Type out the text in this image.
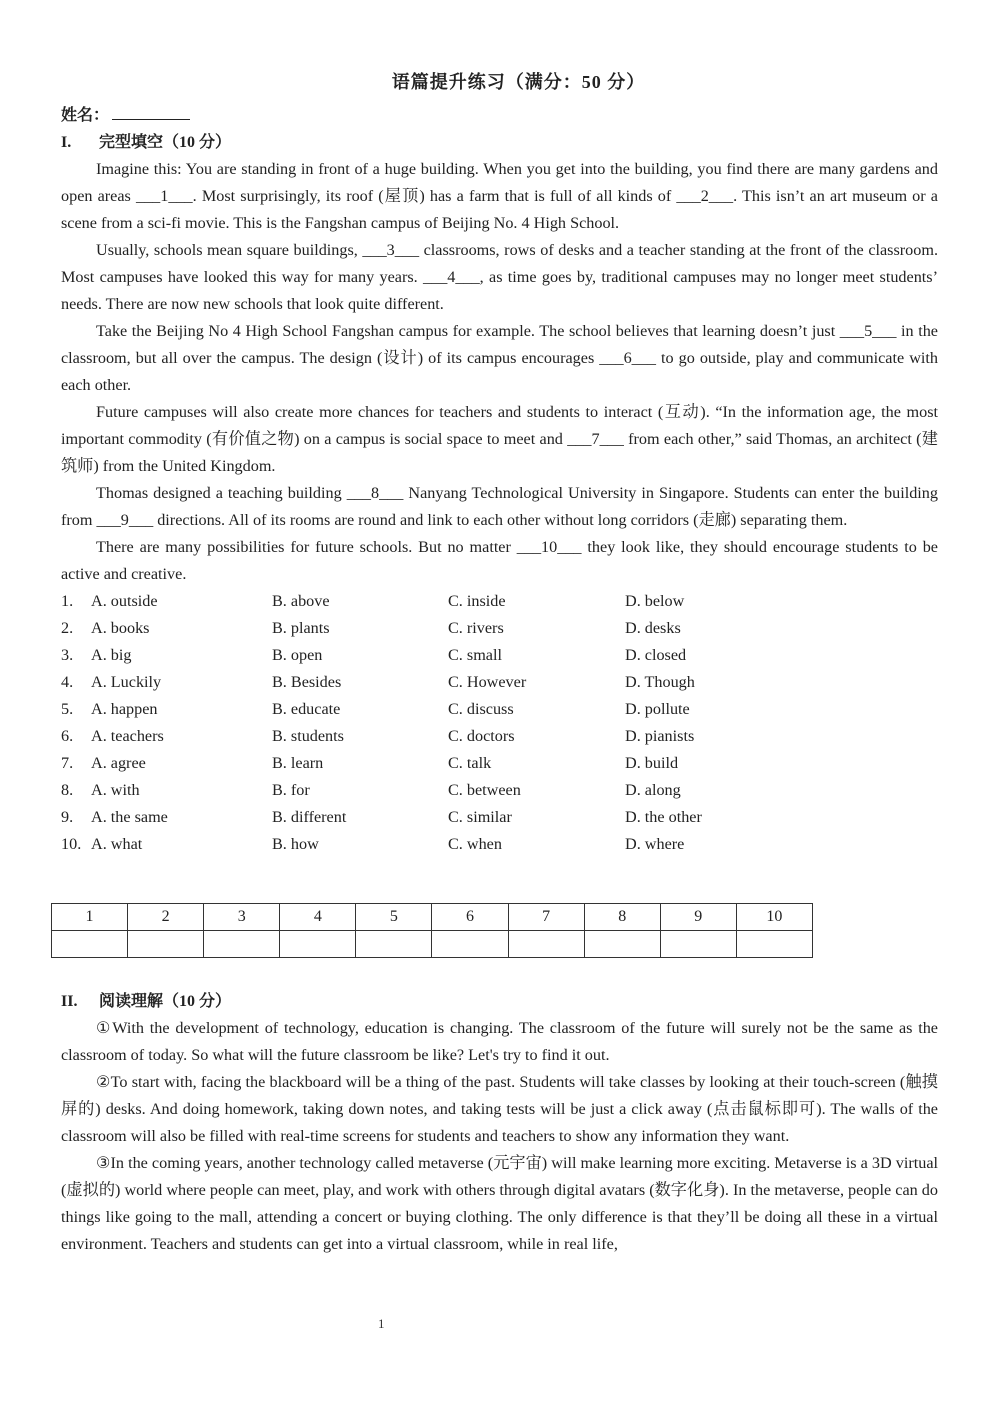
语篇提升练习（满分：50 分）
姓名：
I. 完型填空（10 分）

Imagine this: You are standing in front of a huge building. When you get into the building, you find there are many gardens and open areas ___1___. Most surprisingly, its roof (屋顶) has a farm that is full of all kinds of ___2___. This isn’t an art museum or a scene from a sci-fi movie. This is the Fangshan campus of Beijing No. 4 High School.

Usually, schools mean square buildings, ___3___ classrooms, rows of desks and a teacher standing at the front of the classroom. Most campuses have looked this way for many years. ___4___, as time goes by, traditional campuses may no longer meet students’ needs. There are now new schools that look quite different.

Take the Beijing No 4 High School Fangshan campus for example. The school believes that learning doesn’t just ___5___ in the classroom, but all over the campus. The design (设计) of its campus encourages ___6___ to go outside, play and communicate with each other.

Future campuses will also create more chances for teachers and students to interact (互动). “In the information age, the most important commodity (有价值之物) on a campus is social space to meet and ___7___ from each other,” said Thomas, an architect (建筑师) from the United Kingdom.

Thomas designed a teaching building ___8___ Nanyang Technological University in Singapore. Students can enter the building from ___9___ directions. All of its rooms are round and link to each other without long corridors (走廊) separating them.

There are many possibilities for future schools. But no matter ___10___ they look like, they should encourage students to be active and creative.

1. A. outside	B. above	C. inside	D. below
2. A. books	B. plants	C. rivers	D. desks
3. A. big	B. open	C. small	D. closed
4. A. Luckily	B. Besides	C. However	D. Though
5. A. happen	B. educate	C. discuss	D. pollute
6. A. teachers	B. students	C. doctors	D. pianists
7. A. agree	B. learn	C. talk	D. build
8. A. with	B. for	C. between	D. along
9. A. the same	B. different	C. similar	D. the other
10. A. what	B. how	C. when	D. where
1	2	3	4	5	6	7	8	9	10

II. 阅读理解（10 分）

①With the development of technology, education is changing. The classroom of the future will surely not be the same as the classroom of today. So what will the future classroom be like? Let's try to find it out.

②To start with, facing the blackboard will be a thing of the past. Students will take classes by looking at their touch-screen (触摸屏的) desks. And doing homework, taking down notes, and taking tests will be just a click away (点击鼠标即可). The walls of the classroom will also be filled with real-time screens for students and teachers to show any information they want.

③In the coming years, another technology called metaverse (元宇宙) will make learning more exciting. Metaverse is a 3D virtual (虚拟的) world where people can meet, play, and work with others through digital avatars (数字化身). In the metaverse, people can do things like going to the mall, attending a concert or buying clothing. The only difference is that they’ll be doing all these in a virtual environment. Teachers and students can get into a virtual classroom, while in real life,

1
